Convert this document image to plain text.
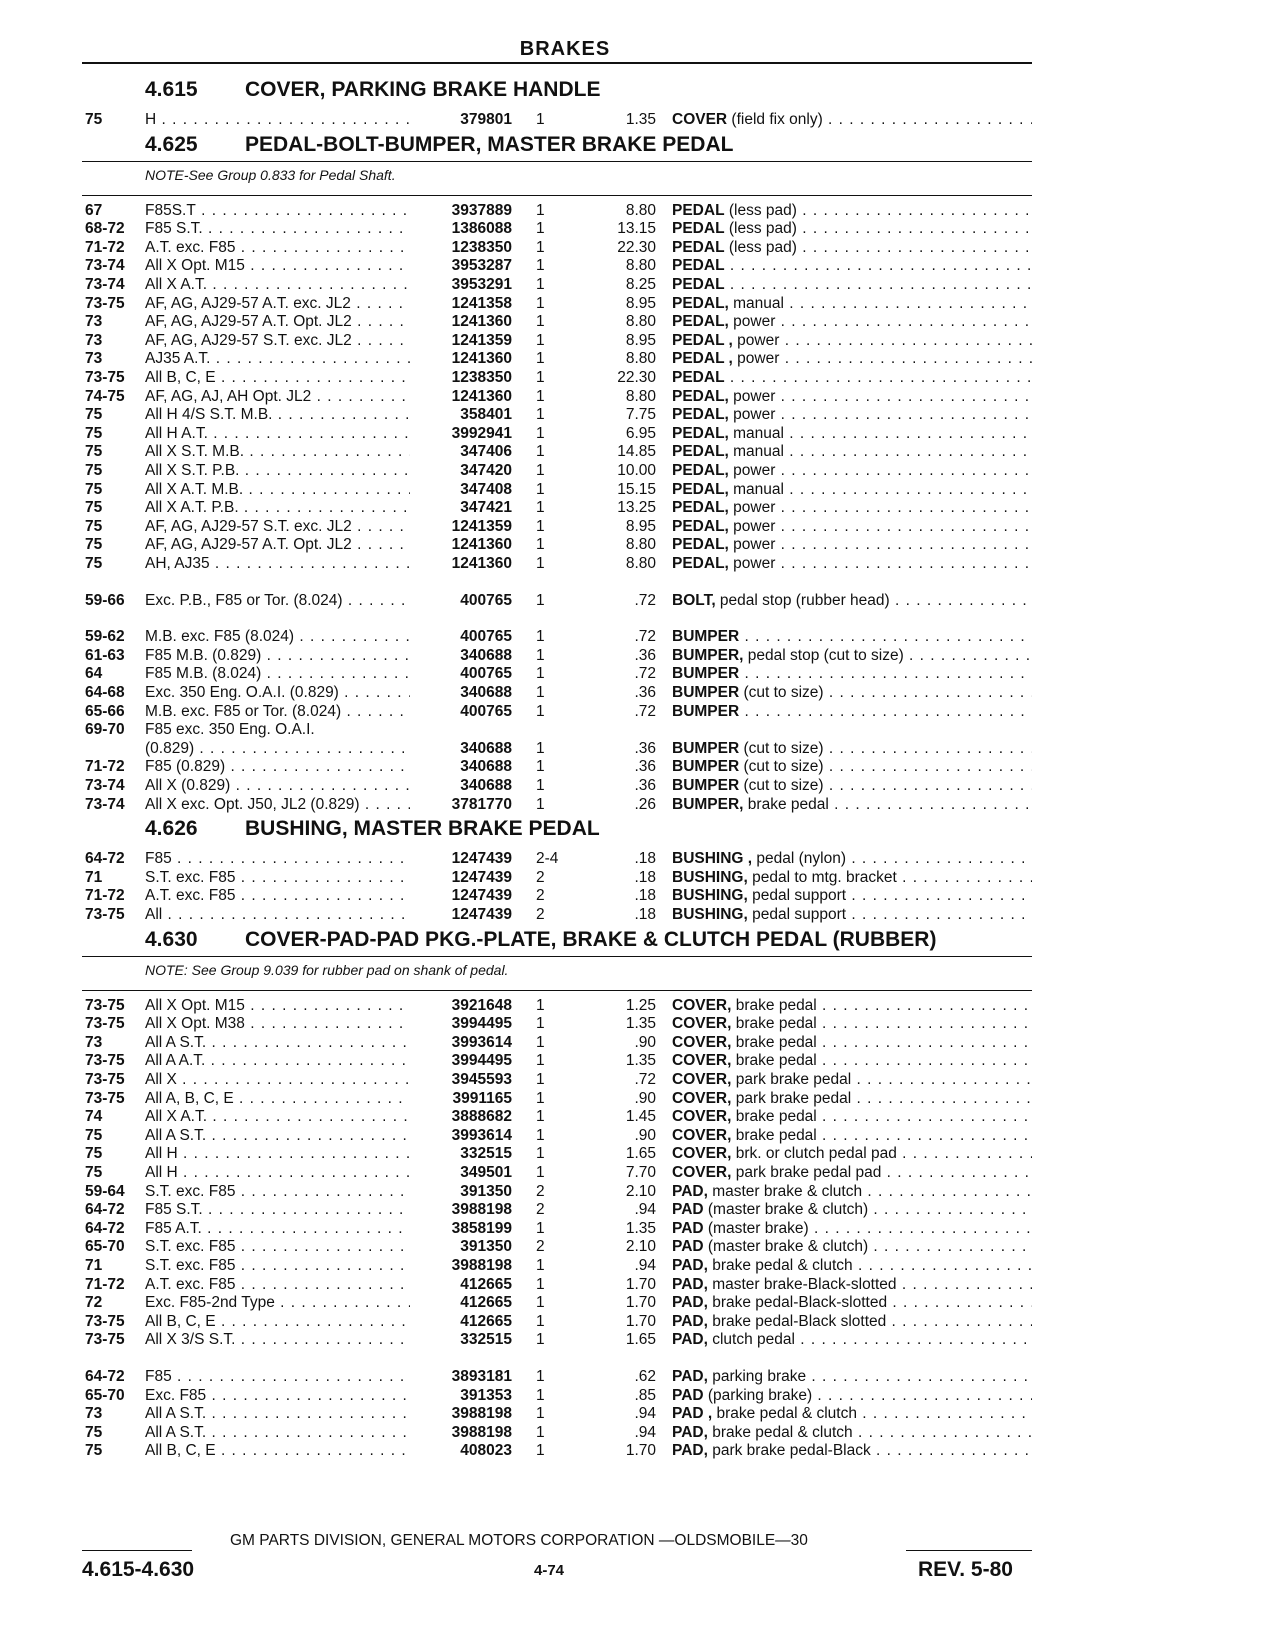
BRAKES
4.615 COVER, PARKING BRAKE HANDLE
75	H . . .	379801 1	1.35 COVER (field fix only) . . .
4.625 PEDAL-BOLT-BUMPER, MASTER BRAKE PEDAL
NOTE-See Group 0.833 for Pedal Shaft.
67	F85S.T . . .	3937889 1	8.80 PEDAL (less pad) . . .
68-72 F85 S.T. . . .	1386088 1	13.15 PEDAL (less pad) . . .
71-72 A.T. exc. F85 . . .	1238350 1	22.30 PEDAL (less pad) . . .
73-74 All X Opt. M15 . . .	3953287 1	8.80 PEDAL . . .
73-74 All X A.T. . . .	3953291 1	8.25 PEDAL . . .
73-75 AF, AG, AJ29-57 A.T. exc. JL2 . . .	1241358 1	8.95 PEDAL, manual . . .
73	AF, AG, AJ29-57 A.T. Opt. JL2 . . .	1241360 1	8.80 PEDAL, power . . .
73	AF, AG, AJ29-57 S.T. exc. JL2 . . .	1241359 1	8.95 PEDAL , power . . .
73	AJ35 A.T. . . .	1241360 1	8.80 PEDAL , power . . .
73-75 All B, C, E . . .	1238350 1	22.30 PEDAL . . .
74-75 AF, AG, AJ, AH Opt. JL2 . . .	1241360 1	8.80 PEDAL, power . . .
75	All H 4/S S.T. M.B. . . .	358401 1	7.75 PEDAL, power . . .
75	All H A.T. . . .	3992941 1	6.95 PEDAL, manual . . .
75	All X S.T. M.B. . . .	347406 1	14.85 PEDAL, manual . . .
75	All X S.T. P.B. . . .	347420 1	10.00 PEDAL, power . . .
75	All X A.T. M.B. . . .	347408 1	15.15 PEDAL, manual . . .
75	All X A.T. P.B. . . .	347421 1	13.25 PEDAL, power . . .
75	AF, AG, AJ29-57 S.T. exc. JL2 . . .	1241359 1	8.95 PEDAL, power . . .
75	AF, AG, AJ29-57 A.T. Opt. JL2 . . .	1241360 1	8.80 PEDAL, power . . .
75	AH, AJ35 . . .	1241360 1	8.80 PEDAL, power . . .
59-66 Exc. P.B., F85 or Tor. (8.024) . . .	400765 1	.72 BOLT, pedal stop (rubber head) . . .
59-62 M.B. exc. F85 (8.024) . . .	400765 1	.72 BUMPER . . .
61-63 F85 M.B. (0.829) . . .	340688 1	.36 BUMPER, pedal stop (cut to size) . . .
64	F85 M.B. (8.024) . . .	400765 1	.72 BUMPER . . .
64-68 Exc. 350 Eng. O.A.I. (0.829) . . .	340688 1	.36 BUMPER (cut to size) . . .
65-66 M.B. exc. F85 or Tor. (8.024) . . .	400765 1	.72 BUMPER . . .
69-70 F85 exc. 350 Eng. O.A.I.
(0.829) . . .	340688 1	.36 BUMPER (cut to size) . . .
71-72 F85 (0.829) . . .	340688 1	.36 BUMPER (cut to size) . . .
73-74 All X (0.829) . . .	340688 1	.36 BUMPER (cut to size) . . .
73-74 All X exc. Opt. J50, JL2 (0.829) . . .	3781770 1	.26 BUMPER, brake pedal . . .
4.626 BUSHING, MASTER BRAKE PEDAL
64-72 F85 . . .	1247439 2-4	.18 BUSHING , pedal (nylon) . . .
71	S.T. exc. F85 . . .	1247439 2	.18 BUSHING, pedal to mtg. bracket . . .
71-72 A.T. exc. F85 . . .	1247439 2	.18 BUSHING, pedal support . . .
73-75 All . . .	1247439 2	.18 BUSHING, pedal support . . .
4.630 COVER-PAD-PAD PKG.-PLATE, BRAKE & CLUTCH PEDAL (RUBBER)
NOTE: See Group 9.039 for rubber pad on shank of pedal.
73-75 All X Opt. M15 . . .	3921648 1	1.25 COVER, brake pedal . . .
73-75 All X Opt. M38 . . .	3994495 1	1.35 COVER, brake pedal . . .
73	All A S.T. . . .	3993614 1	.90 COVER, brake pedal . . .
73-75 All A A.T. . . .	3994495 1	1.35 COVER, brake pedal . . .
73-75 All X . . .	3945593 1	.72 COVER, park brake pedal . . .
73-75 All A, B, C, E . . .	3991165 1	.90 COVER, park brake pedal . . .
74	All X A.T. . . .	3888682 1	1.45 COVER, brake pedal . . .
75	All A S.T. . . .	3993614 1	.90 COVER, brake pedal . . .
75	All H . . .	332515 1	1.65 COVER, brk. or clutch pedal pad . . .
75	All H . . .	349501 1	7.70 COVER, park brake pedal pad . . .
59-64 S.T. exc. F85 . . .	391350 2	2.10 PAD, master brake & clutch . . .
64-72 F85 S.T. . . .	3988198 2	.94 PAD (master brake & clutch) . . .
64-72 F85 A.T. . . .	3858199 1	1.35 PAD (master brake) . . .
65-70 S.T. exc. F85 . . .	391350 2	2.10 PAD (master brake & clutch) . . .
71	S.T. exc. F85 . . .	3988198 1	.94 PAD, brake pedal & clutch . . .
71-72 A.T. exc. F85 . . .	412665 1	1.70 PAD, master brake-Black-slotted . . .
72	Exc. F85-2nd Type . . .	412665 1	1.70 PAD, brake pedal-Black-slotted . . .
73-75 All B, C, E . . .	412665 1	1.70 PAD, brake pedal-Black slotted . . .
73-75 All X 3/S S.T. . . .	332515 1	1.65 PAD, clutch pedal . . .
64-72 F85 . . .	3893181 1	.62 PAD, parking brake . . .
65-70 Exc. F85 . . .	391353 1	.85 PAD (parking brake) . . .
73	All A S.T. . . .	3988198 1	.94 PAD , brake pedal & clutch . . .
75	All A S.T. . . .	3988198 1	.94 PAD, brake pedal & clutch . . .
75	All B, C, E . . .	408023 1	1.70 PAD, park brake pedal-Black . . .
GM PARTS DIVISION, GENERAL MOTORS CORPORATION —OLDSMOBILE—30
4.615-4.630	4-74	REV. 5-80
